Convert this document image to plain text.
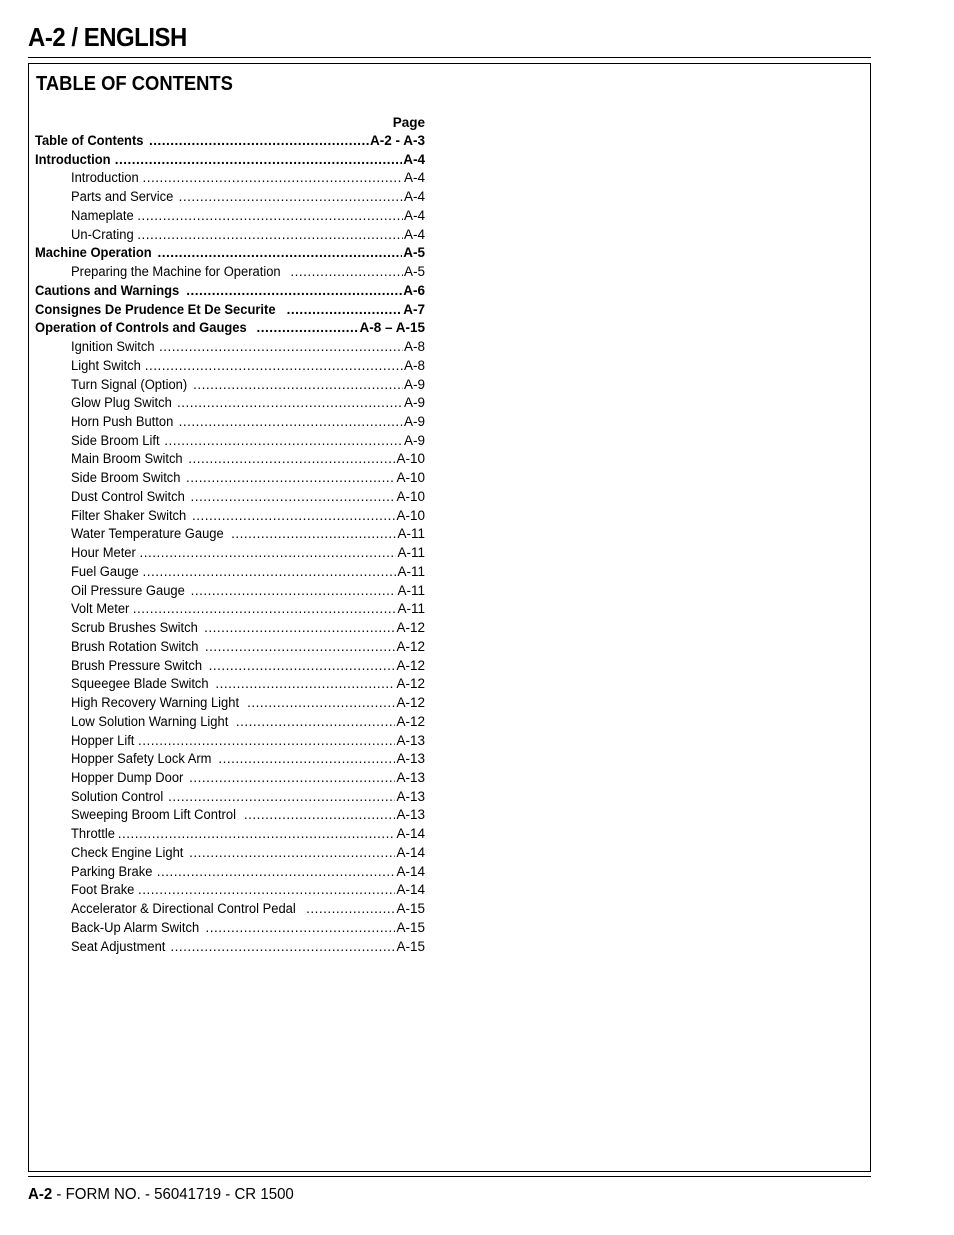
A-2 / ENGLISH
TABLE OF CONTENTS
Page
Table of Contents .....	A-2 - A-3
Introduction .....	A-4
Introduction .....	A-4
Parts and Service .....	A-4
Nameplate .....	A-4
Un-Crating .....	A-4
Machine Operation .....	A-5
Preparing the Machine for Operation .....	A-5
Cautions and Warnings .....	A-6
Consignes De Prudence Et De Securite .....	A-7
Operation of Controls and Gauges .....	A-8 – A-15
Ignition Switch .....	A-8
Light Switch .....	A-8
Turn Signal (Option) .....	A-9
Glow Plug Switch .....	A-9
Horn Push Button .....	A-9
Side Broom Lift .....	A-9
Main Broom Switch .....	A-10
Side Broom Switch .....	A-10
Dust Control Switch .....	A-10
Filter Shaker Switch .....	A-10
Water Temperature Gauge .....	A-11
Hour Meter .....	A-11
Fuel Gauge .....	A-11
Oil Pressure Gauge .....	A-11
Volt Meter .....	A-11
Scrub Brushes Switch .....	A-12
Brush Rotation Switch .....	A-12
Brush Pressure Switch .....	A-12
Squeegee Blade Switch .....	A-12
High Recovery Warning Light .....	A-12
Low Solution Warning Light .....	A-12
Hopper Lift .....	A-13
Hopper Safety Lock Arm .....	A-13
Hopper Dump Door .....	A-13
Solution Control .....	A-13
Sweeping Broom Lift Control .....	A-13
Throttle .....	A-14
Check Engine Light .....	A-14
Parking Brake .....	A-14
Foot Brake .....	A-14
Accelerator & Directional Control Pedal .....	A-15
Back-Up Alarm Switch .....	A-15
Seat Adjustment .....	A-15
A-2 - FORM NO. - 56041719 - CR 1500
